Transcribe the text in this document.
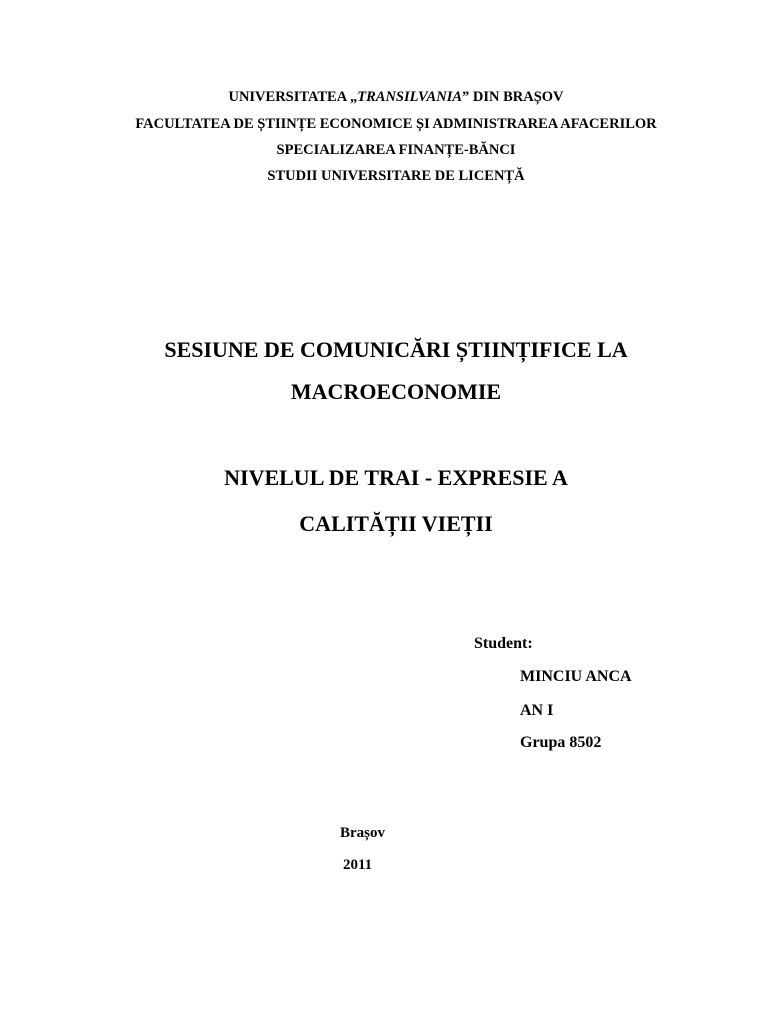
UNIVERSITATEA „TRANSILVANIA” DIN BRAȘOV
FACULTATEA DE ȘTIINȚE ECONOMICE ȘI ADMINISTRAREA AFACERILOR
SPECIALIZAREA FINANȚE-BĂNCI
STUDII UNIVERSITARE DE LICENȚĂ
SESIUNE DE COMUNICĂRI ȘTIINȚIFICE LA
MACROECONOMIE
NIVELUL DE TRAI - EXPRESIE A
CALITĂȚII VIEȚII
Student:
MINCIU ANCA
AN I
Grupa 8502
Brașov
2011
